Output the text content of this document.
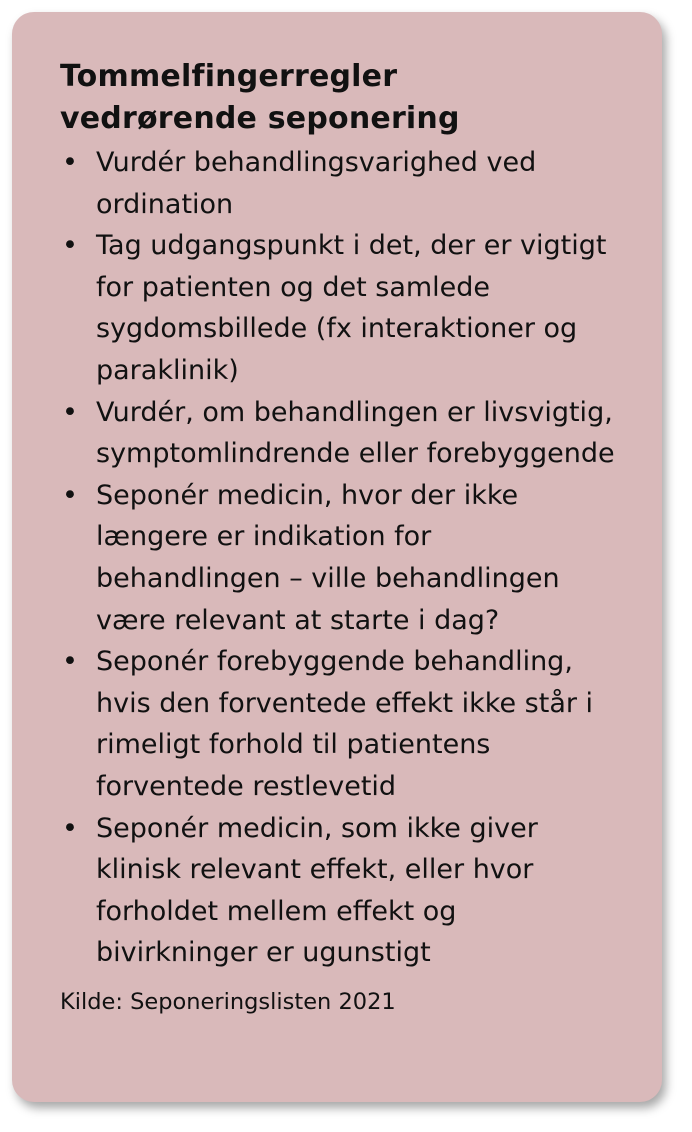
Tommelfingerregler
vedrørende seponering
• Vurdér behandlingsvarighed ved ordination
• Tag udgangspunkt i det, der er vigtigt for patienten og det samlede sygdomsbillede (fx interaktioner og paraklinik)
• Vurdér, om behandlingen er livsvigtig, symptomlindrende eller forebyggende
• Seponér medicin, hvor der ikke længere er indikation for behandlingen – ville behandlingen være relevant at starte i dag?
• Seponér forebyggende behandling, hvis den forventede effekt ikke står i rimeligt forhold til patientens forventede restlevetid
• Seponér medicin, som ikke giver klinisk relevant effekt, eller hvor forholdet mellem effekt og bivirkninger er ugunstigt
Kilde: Seponeringslisten 2021
